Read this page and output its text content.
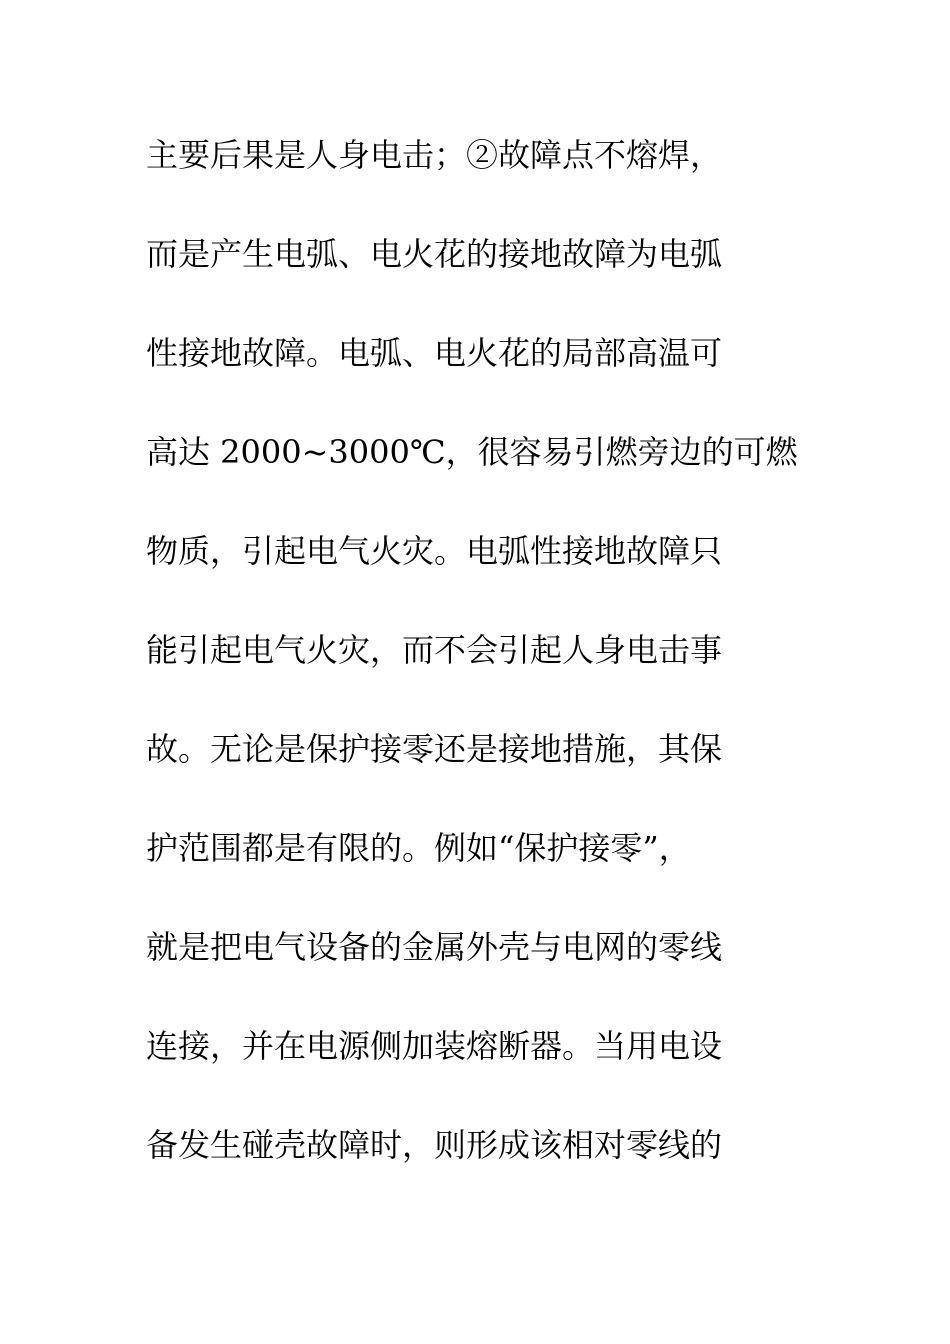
主要后果是人身电击；②故障点不熔焊，
而是产生电弧、电火花的接地故障为电弧
性接地故障。电弧、电火花的局部高温可
高达 2000~3000℃，很容易引燃旁边的可燃
物质，引起电气火灾。电弧性接地故障只
能引起电气火灾，而不会引起人身电击事
故。无论是保护接零还是接地措施，其保
护范围都是有限的。例如“保护接零”，
就是把电气设备的金属外壳与电网的零线
连接，并在电源侧加装熔断器。当用电设
备发生碰壳故障时，则形成该相对零线的
